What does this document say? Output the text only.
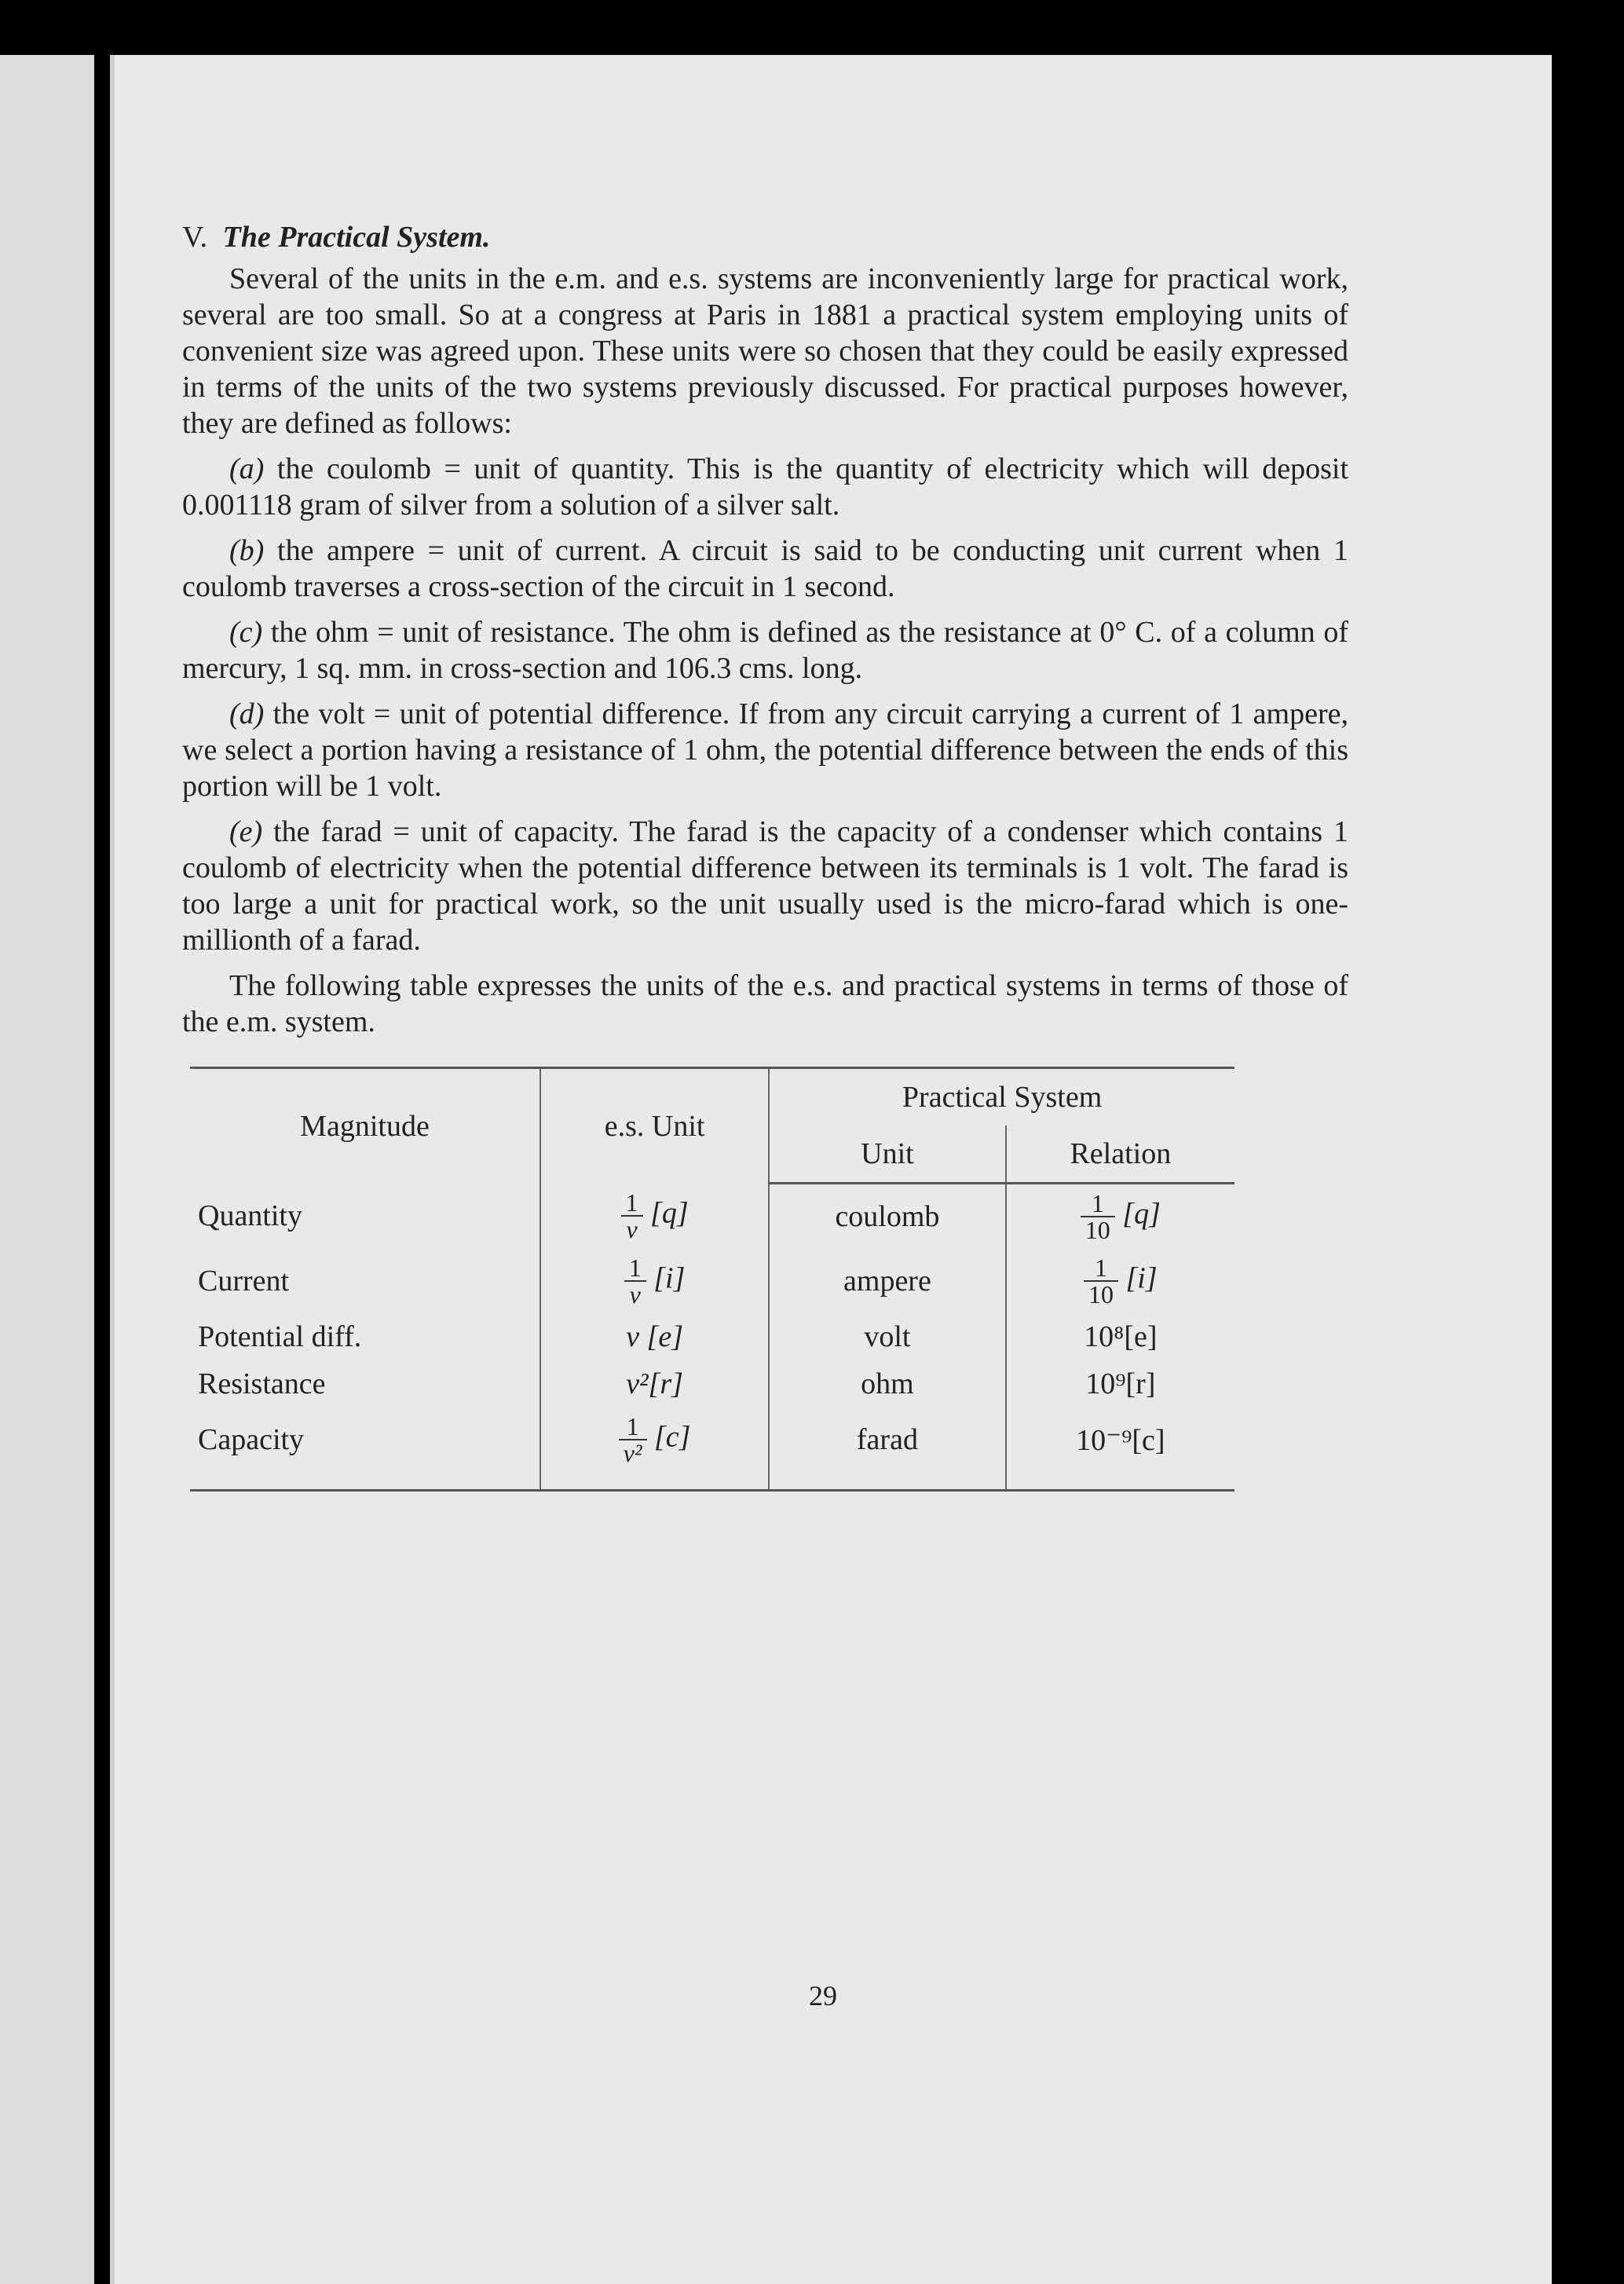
V. The Practical System.

Several of the units in the e.m. and e.s. systems are inconveniently large for practical work, several are too small. So at a congress at Paris in 1881 a practical system employing units of convenient size was agreed upon. These units were so chosen that they could be easily expressed in terms of the units of the two systems previously discussed. For practical purposes however, they are defined as follows:

(a) the coulomb = unit of quantity. This is the quantity of electricity which will deposit 0.001118 gram of silver from a solution of a silver salt.

(b) the ampere = unit of current. A circuit is said to be conducting unit current when 1 coulomb traverses a cross-section of the circuit in 1 second.

(c) the ohm = unit of resistance. The ohm is defined as the resistance at 0° C. of a column of mercury, 1 sq. mm. in cross-section and 106.3 cms. long.

(d) the volt = unit of potential difference. If from any circuit carrying a current of 1 ampere, we select a portion having a resistance of 1 ohm, the potential difference between the ends of this portion will be 1 volt.

(e) the farad = unit of capacity. The farad is the capacity of a condenser which contains 1 coulomb of electricity when the potential difference between its terminals is 1 volt. The farad is too large a unit for practical work, so the unit usually used is the micro-farad which is one-millionth of a farad.

The following table expresses the units of the e.s. and practical systems in terms of those of the e.m. system.

Magnitude	e.s. Unit	Practical System	
		Unit	Relation
Quantity	$\frac{1}{v} [q]$	coulomb	$\frac{1}{10} [q]$
Current	$\frac{1}{v} [i]$	ampere	$\frac{1}{10} [i]$
Potential diff.	v [e]	volt	10⁸[e]
Resistance	v²[r]	ohm	10⁹[r]
Capacity	$\frac{1}{\text{v²}} [c]$	farad	10⁻⁹[c]
29
